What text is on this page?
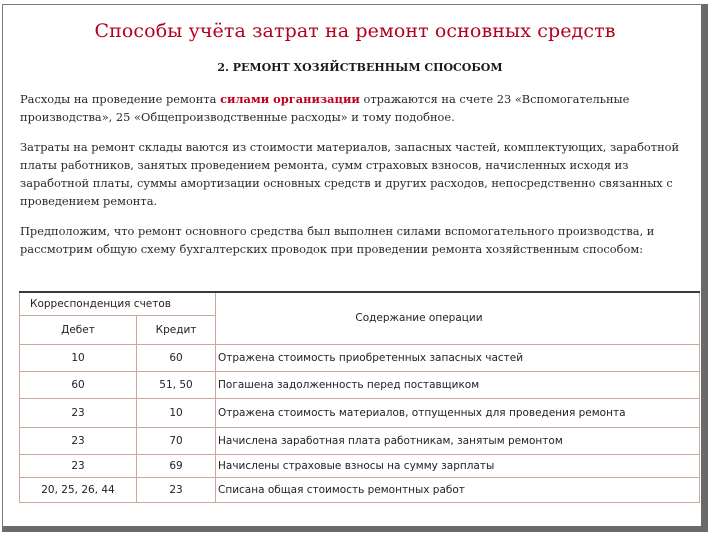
Способы учёта затрат на ремонт основных средств
2. РЕМОНТ ХОЗЯЙСТВЕННЫМ СПОСОБОМ

Расходы на проведение ремонта силами организации отражаются на счете 23 «Вспомогательные производства», 25 «Общепроизводственные расходы» и тому подобное.

Затраты на ремонт склады ваются из стоимости материалов, запасных частей, комплектующих, заработной платы работников, занятых проведением ремонта, сумм страховых взносов, начисленных исходя из заработной платы, суммы амортизации основных средств и других расходов, непосредственно связанных с проведением ремонта.

Предположим, что ремонт основного средства был выполнен силами вспомогательного производства, и рассмотрим общую схему бухгалтерских проводок при проведении ремонта хозяйственным способом:

Корреспонденция счетов		Содержание операции
Дебет	Кредит	
10	60	Отражена стоимость приобретенных запасных частей
60	51, 50	Погашена задолженность перед поставщиком
23	10	Отражена стоимость материалов, отпущенных для проведения ремонта
23	70	Начислена заработная плата работникам, занятым ремонтом
23	69	Начислены страховые взносы на сумму зарплаты
20, 25, 26, 44	23	Списана общая стоимость ремонтных работ
